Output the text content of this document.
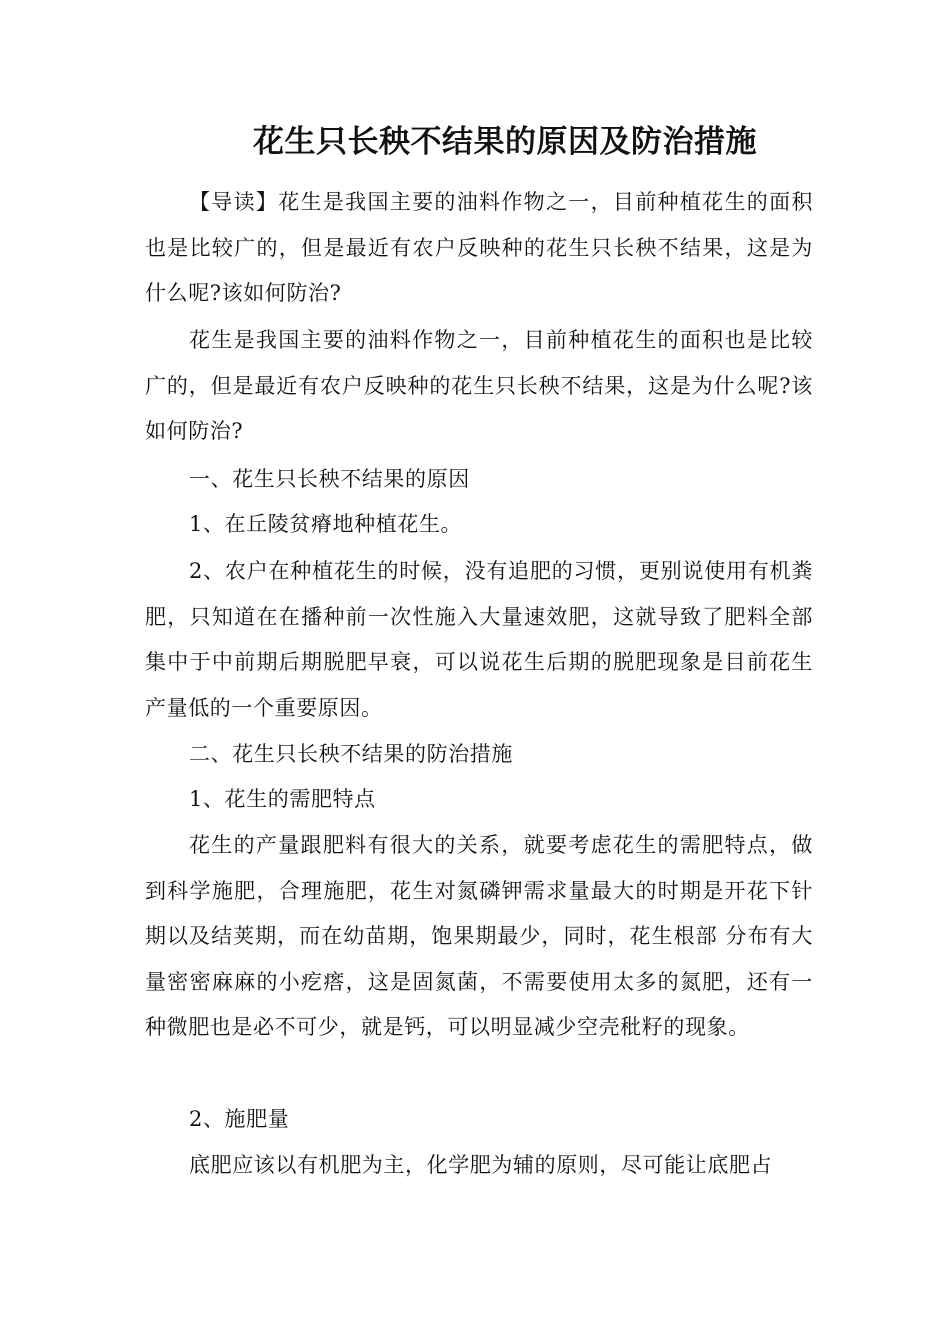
花生只长秧不结果的原因及防治措施

【导读】花生是我国主要的油料作物之一，目前种植花生的面积也是比较广的，但是最近有农户反映种的花生只长秧不结果，这是为什么呢?该如何防治?

花生是我国主要的油料作物之一，目前种植花生的面积也是比较广的，但是最近有农户反映种的花生只长秧不结果，这是为什么呢?该如何防治?

一、花生只长秧不结果的原因

1、在丘陵贫瘠地种植花生。

2、农户在种植花生的时候，没有追肥的习惯，更别说使用有机粪肥，只知道在在播种前一次性施入大量速效肥，这就导致了肥料全部集中于中前期后期脱肥早衰，可以说花生后期的脱肥现象是目前花生产量低的一个重要原因。

二、花生只长秧不结果的防治措施

1、花生的需肥特点

花生的产量跟肥料有很大的关系，就要考虑花生的需肥特点，做到科学施肥，合理施肥，花生对氮磷钾需求量最大的时期是开花下针期以及结荚期，而在幼苗期，饱果期最少，同时，花生根部 分布有大量密密麻麻的小疙瘩，这是固氮菌，不需要使用太多的氮肥，还有一种微肥也是必不可少，就是钙，可以明显减少空壳秕籽的现象。

2、施肥量

底肥应该以有机肥为主，化学肥为辅的原则，尽可能让底肥占
